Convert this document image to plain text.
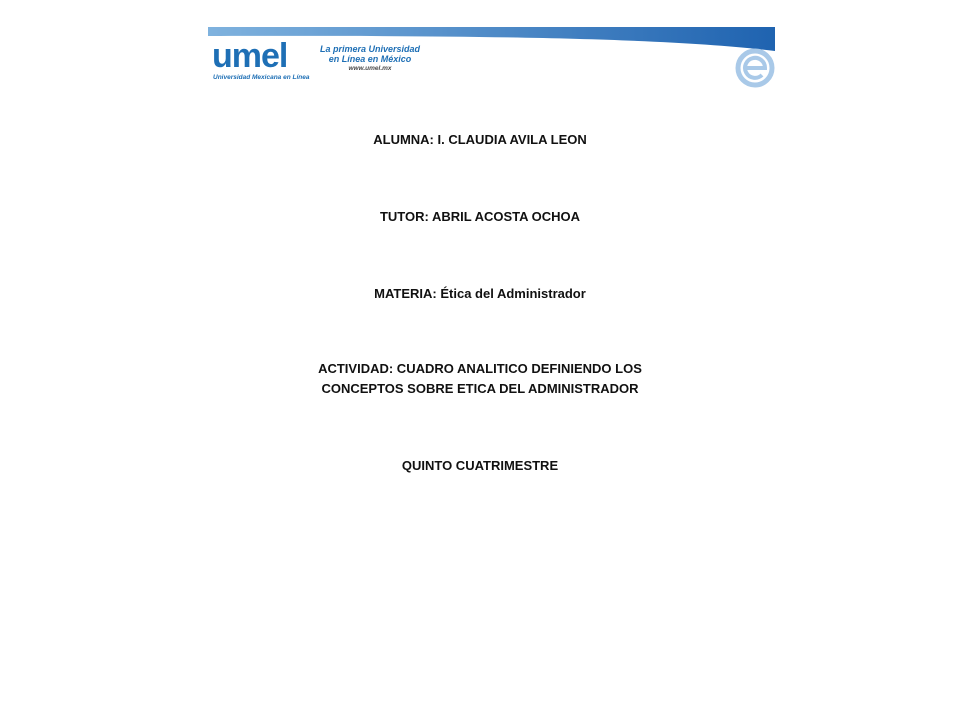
umel
Universidad Mexicana en Línea
La primera Universidad
en Línea en México
www.umel.mx
ALUMNA: I. CLAUDIA AVILA LEON
TUTOR: ABRIL ACOSTA OCHOA
MATERIA: Ética del Administrador
ACTIVIDAD: CUADRO ANALITICO DEFINIENDO LOS
CONCEPTOS SOBRE ETICA DEL ADMINISTRADOR
QUINTO CUATRIMESTRE
